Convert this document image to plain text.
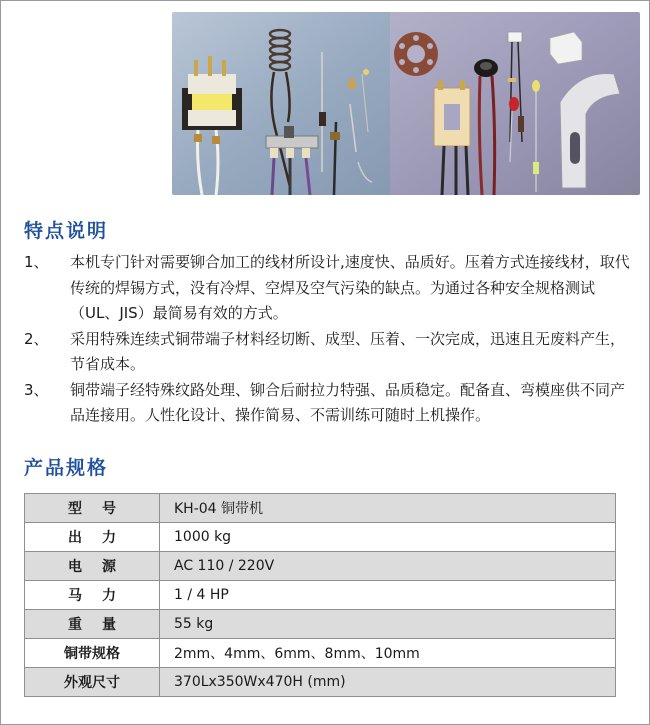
特点说明
1、	本机专门针对需要铆合加工的线材所设计,速度快、品质好。压着方式连接线材，取代传统的焊锡方式，没有冷焊、空焊及空气污染的缺点。为通过各种安全规格测试（UL、JIS）最简易有效的方式。
2、	采用特殊连续式铜带端子材料经切断、成型、压着、一次完成，迅速且无废料产生，节省成本。
3、	铜带端子经特殊纹路处理、铆合后耐拉力特强、品质稳定。配备直、弯模座供不同产品连接用。人性化设计、操作简易、不需训练可随时上机操作。
产品规格
型号	KH-04 铜带机
出力	1000 kg
电源	AC 110 / 220V
马力	1 / 4 HP
重量	55 kg
铜带规格	2mm、4mm、6mm、8mm、10mm
外观尺寸	370Lx350Wx470H (mm)
